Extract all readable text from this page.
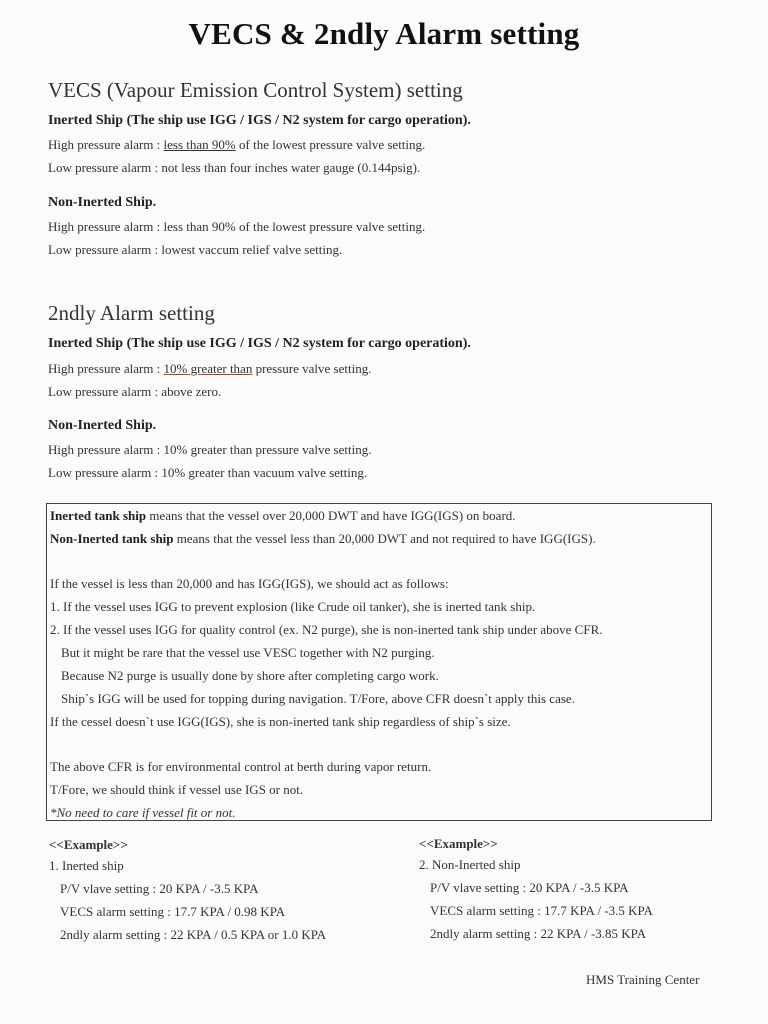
VECS & 2ndly Alarm setting
VECS (Vapour Emission Control System) setting
Inerted Ship (The ship use IGG / IGS / N2 system for cargo operation).
High pressure alarm : less than 90% of the lowest pressure valve setting.
Low pressure alarm : not less than four inches water gauge (0.144psig).
Non-Inerted Ship.
High pressure alarm : less than 90% of the lowest pressure valve setting.
Low pressure alarm : lowest vaccum relief valve setting.
2ndly Alarm setting
Inerted Ship (The ship use IGG / IGS / N2 system for cargo operation).
High pressure alarm : 10% greater than pressure valve setting.
Low pressure alarm : above zero.
Non-Inerted Ship.
High pressure alarm : 10% greater than pressure valve setting.
Low pressure alarm : 10% greater than vacuum valve setting.
Inerted tank ship means that the vessel over 20,000 DWT and have IGG(IGS) on board.
Non-Inerted tank ship means that the vessel less than 20,000 DWT and not required to have IGG(IGS).
If the vessel is less than 20,000 and has IGG(IGS), we should act as follows:
1. If the vessel uses IGG to prevent explosion (like Crude oil tanker), she is inerted tank ship.
2. If the vessel uses IGG for quality control (ex. N2 purge), she is non-inerted tank ship under above CFR.
But it might be rare that the vessel use VESC together with N2 purging.
Because N2 purge is usually done by shore after completing cargo work.
Ship`s IGG will be used for topping during navigation. T/Fore, above CFR doesn`t apply this case.
If the cessel doesn`t use IGG(IGS), she is non-inerted tank ship regardless of ship`s size.
The above CFR is for environmental control at berth during vapor return.
T/Fore, we should think if vessel use IGS or not.
*No need to care if vessel fit or not.
<<Example>>
1. Inerted ship
P/V vlave setting : 20 KPA / -3.5 KPA
VECS alarm setting : 17.7 KPA / 0.98 KPA
2ndly alarm setting : 22 KPA / 0.5 KPA or 1.0 KPA
<<Example>>
2. Non-Inerted ship
P/V vlave setting : 20 KPA / -3.5 KPA
VECS alarm setting : 17.7 KPA / -3.5 KPA
2ndly alarm setting : 22 KPA / -3.85 KPA
HMS Training Center
